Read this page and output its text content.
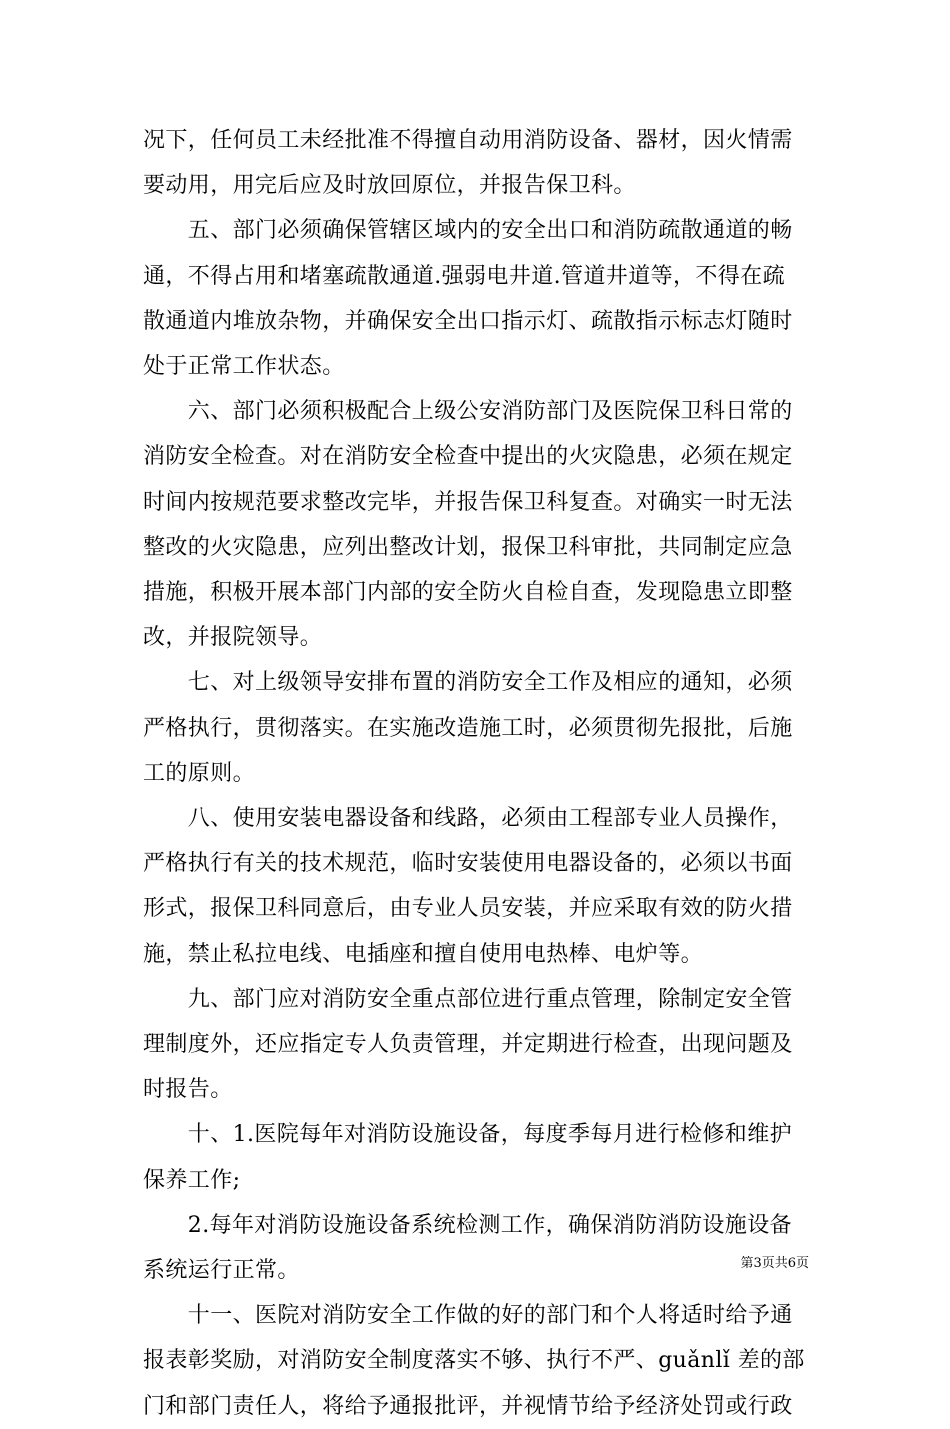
况下，任何员工未经批准不得擅自动用消防设备、器材，因火情需
要动用，用完后应及时放回原位，并报告保卫科。
　　五、部门必须确保管辖区域内的安全出口和消防疏散通道的畅
通，不得占用和堵塞疏散通道.强弱电井道.管道井道等，不得在疏
散通道内堆放杂物，并确保安全出口指示灯、疏散指示标志灯随时
处于正常工作状态。
　　六、部门必须积极配合上级公安消防部门及医院保卫科日常的
消防安全检查。对在消防安全检查中提出的火灾隐患，必须在规定
时间内按规范要求整改完毕，并报告保卫科复查。对确实一时无法
整改的火灾隐患，应列出整改计划，报保卫科审批，共同制定应急
措施，积极开展本部门内部的安全防火自检自查，发现隐患立即整
改，并报院领导。
　　七、对上级领导安排布置的消防安全工作及相应的通知，必须
严格执行，贯彻落实。在实施改造施工时，必须贯彻先报批，后施
工的原则。
　　八、使用安装电器设备和线路，必须由工程部专业人员操作，
严格执行有关的技术规范，临时安装使用电器设备的，必须以书面
形式，报保卫科同意后，由专业人员安装，并应采取有效的防火措
施，禁止私拉电线、电插座和擅自使用电热棒、电炉等。
　　九、部门应对消防安全重点部位进行重点管理，除制定安全管
理制度外，还应指定专人负责管理，并定期进行检查，出现问题及
时报告。
　　十、1.医院每年对消防设施设备，每度季每月进行检修和维护
保养工作;
　　2.每年对消防设施设备系统检测工作，确保消防消防设施设备
系统运行正常。
　　十一、医院对消防安全工作做的好的部门和个人将适时给予通
报表彰奖励，对消防安全制度落实不够、执行不严、guǎnlǐ 差的部
门和部门责任人，将给予通报批评，并视情节给予经济处罚或行政
第3页共6页
